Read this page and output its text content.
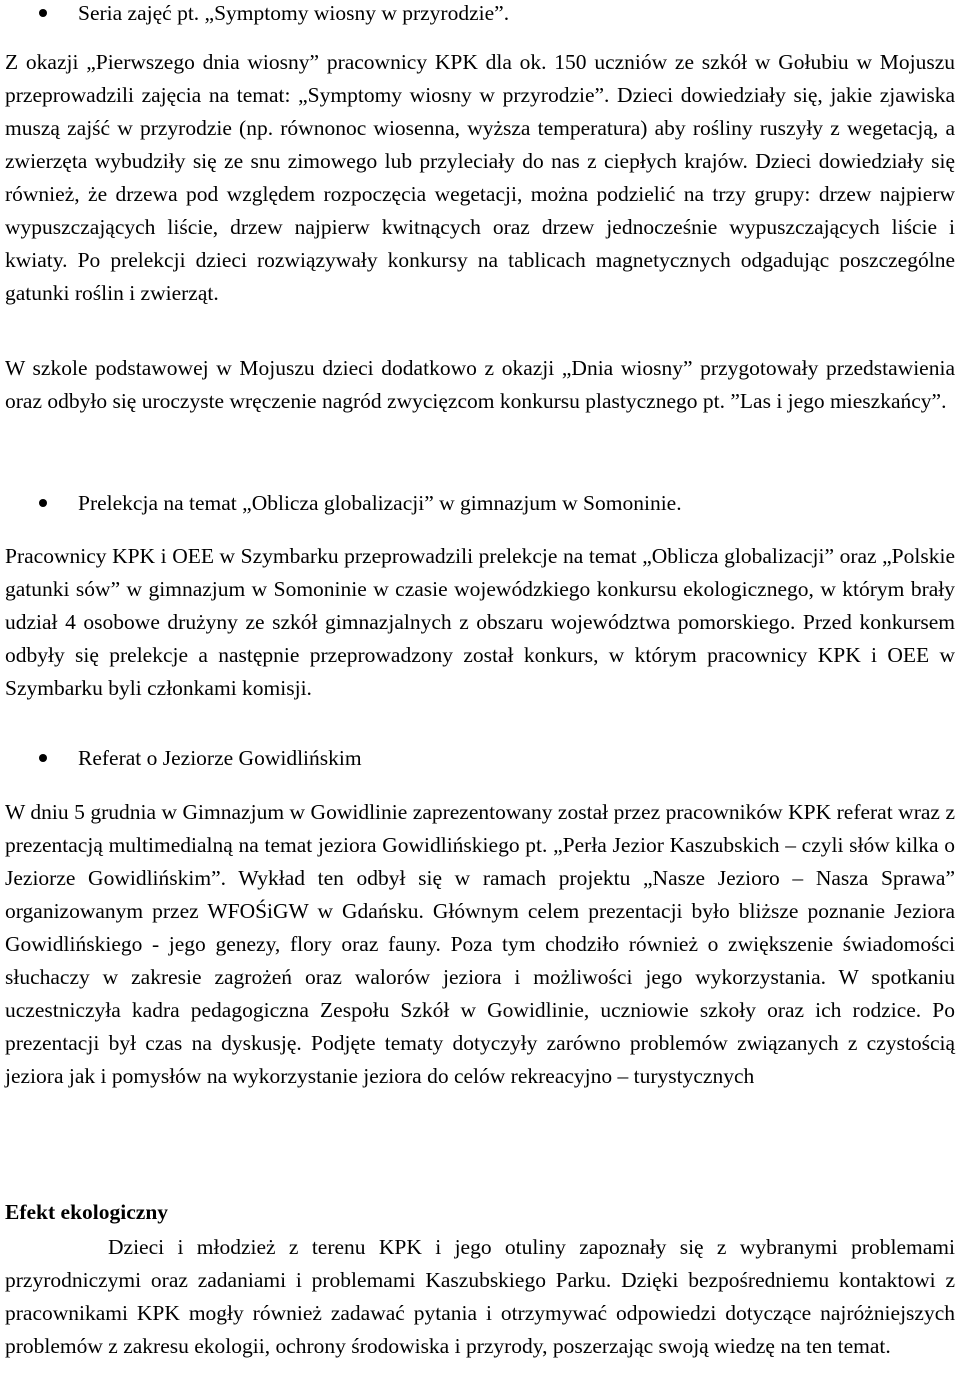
Seria zajęć pt. „Symptomy wiosny w przyrodzie”.

Z okazji „Pierwszego dnia wiosny” pracownicy KPK dla ok. 150 uczniów ze szkół w Gołubiu w Mojuszu przeprowadzili zajęcia na temat: „Symptomy wiosny w przyrodzie”. Dzieci dowiedziały się, jakie zjawiska muszą zajść w przyrodzie (np. równonoc wiosenna, wyższa temperatura) aby rośliny ruszyły z wegetacją, a zwierzęta wybudziły się ze snu zimowego lub przyleciały do nas z ciepłych krajów. Dzieci dowiedziały się również, że drzewa pod względem rozpoczęcia wegetacji, można podzielić na trzy grupy: drzew najpierw wypuszczających liście, drzew najpierw kwitnących oraz drzew jednocześnie wypuszczających liście i kwiaty. Po prelekcji dzieci rozwiązywały konkursy na tablicach magnetycznych odgadując poszczególne gatunki roślin i zwierząt.

W szkole podstawowej w Mojuszu dzieci dodatkowo z okazji „Dnia wiosny” przygotowały przedstawienia oraz odbyło się uroczyste wręczenie nagród zwycięzcom konkursu plastycznego pt. ”Las i jego mieszkańcy”.

Prelekcja na temat „Oblicza globalizacji” w gimnazjum w Somoninie.

Pracownicy KPK i OEE w Szymbarku przeprowadzili prelekcje na temat „Oblicza globalizacji” oraz „Polskie gatunki sów” w gimnazjum w Somoninie w czasie wojewódzkiego konkursu ekologicznego, w którym brały udział 4 osobowe drużyny ze szkół gimnazjalnych z obszaru województwa pomorskiego. Przed konkursem odbyły się prelekcje a następnie przeprowadzony został konkurs, w którym pracownicy KPK i OEE w Szymbarku byli członkami komisji.

Referat o Jeziorze Gowidlińskim

W dniu 5 grudnia w Gimnazjum w Gowidlinie zaprezentowany został przez pracowników KPK referat wraz z prezentacją multimedialną na temat jeziora Gowidlińskiego pt. „Perła Jezior Kaszubskich – czyli słów kilka o Jeziorze Gowidlińskim”. Wykład ten odbył się w ramach projektu „Nasze Jezioro – Nasza Sprawa” organizowanym przez WFOŚiGW w Gdańsku. Głównym celem prezentacji było bliższe poznanie Jeziora Gowidlińskiego - jego genezy, flory oraz fauny. Poza tym chodziło również o zwiększenie świadomości słuchaczy w zakresie zagrożeń oraz walorów jeziora i możliwości jego wykorzystania. W spotkaniu uczestniczyła kadra pedagogiczna Zespołu Szkół w Gowidlinie, uczniowie szkoły oraz ich rodzice. Po prezentacji był czas na dyskusję. Podjęte tematy dotyczyły zarówno problemów związanych z czystością jeziora jak i pomysłów na wykorzystanie jeziora do celów rekreacyjno – turystycznych

Efekt ekologiczny

Dzieci i młodzież z terenu KPK i jego otuliny zapoznały się z wybranymi problemami przyrodniczymi oraz zadaniami i problemami Kaszubskiego Parku. Dzięki bezpośredniemu kontaktowi z pracownikami KPK mogły również zadawać pytania i otrzymywać odpowiedzi dotyczące najróżniejszych problemów z zakresu ekologii, ochrony środowiska i przyrody, poszerzając swoją wiedzę na ten temat.
